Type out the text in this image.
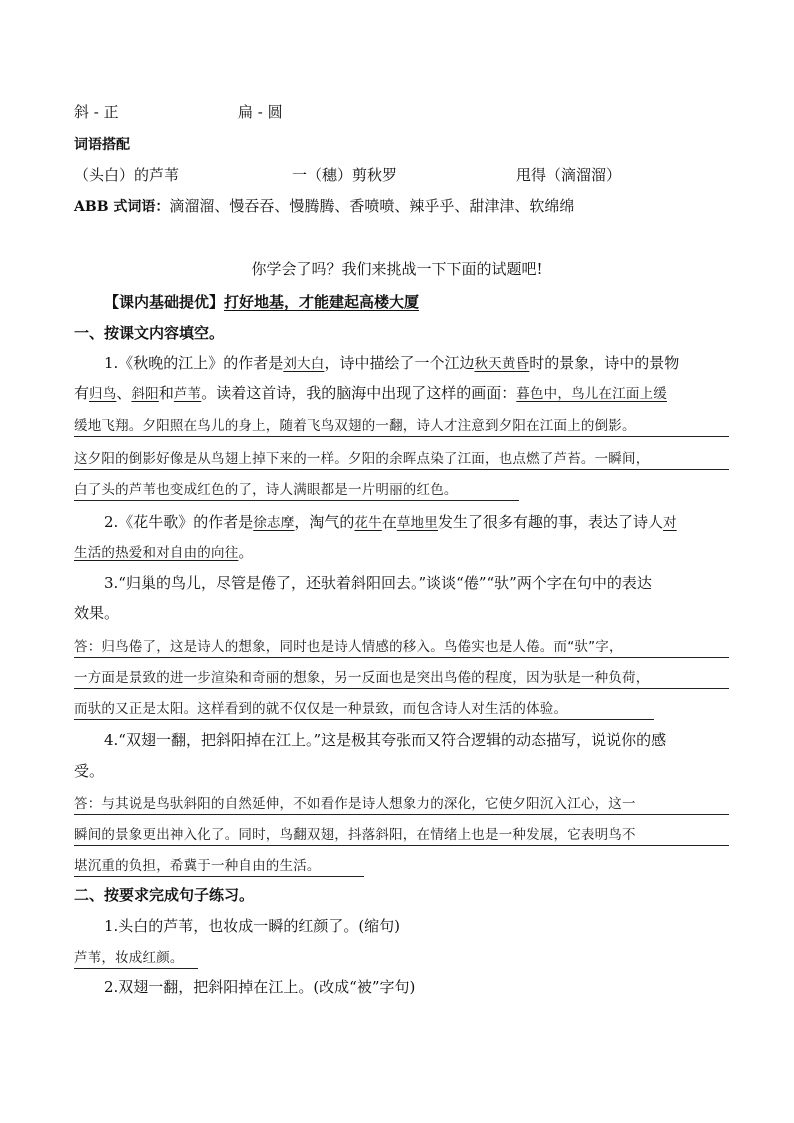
斜 - 正	扁 - 圆
词语搭配
（头白）的芦苇	一（穗）剪秋罗	甩得（滴溜溜）
ABB 式词语：滴溜溜、慢吞吞、慢腾腾、香喷喷、辣乎乎、甜津津、软绵绵
你学会了吗？我们来挑战一下下面的试题吧!
【课内基础提优】打好地基，才能建起高楼大厦
一、按课文内容填空。
1.《秋晚的江上》的作者是刘大白，诗中描绘了一个江边秋天黄昏时的景象，诗中的景物
有归鸟、斜阳和芦苇。读着这首诗，我的脑海中出现了这样的画面：暮色中，鸟儿在江面上缓
缓地飞翔。夕阳照在鸟儿的身上，随着飞鸟双翅的一翻，诗人才注意到夕阳在江面上的倒影。
这夕阳的倒影好像是从鸟翅上掉下来的一样。夕阳的余晖点染了江面，也点燃了芦苔。一瞬间，
白了头的芦苇也变成红色的了，诗人满眼都是一片明丽的红色。
2.《花牛歌》的作者是徐志摩，淘气的花牛在草地里发生了很多有趣的事，表达了诗人对
生活的热爱和对自由的向往。
3.“归巢的鸟儿，尽管是倦了，还驮着斜阳回去。”谈谈“倦”“驮”两个字在句中的表达
效果。
答：归鸟倦了，这是诗人的想象，同时也是诗人情感的移入。鸟倦实也是人倦。而“驮”字，
一方面是景致的进一步渲染和奇丽的想象，另一反面也是突出鸟倦的程度，因为驮是一种负荷，
而驮的又正是太阳。这样看到的就不仅仅是一种景致，而包含诗人对生活的体验。
4.“双翅一翻，把斜阳掉在江上。”这是极其夸张而又符合逻辑的动态描写，说说你的感
受。
答：与其说是鸟驮斜阳的自然延伸，不如看作是诗人想象力的深化，它使夕阳沉入江心，这一
瞬间的景象更出神入化了。同时，鸟翻双翅，抖落斜阳，在情绪上也是一种发展，它表明鸟不
堪沉重的负担，希冀于一种自由的生活。
二、按要求完成句子练习。
1.头白的芦苇，也妆成一瞬的红颜了。(缩句)
芦苇，妆成红颜。
2.双翅一翻，把斜阳掉在江上。(改成“被”字句)
